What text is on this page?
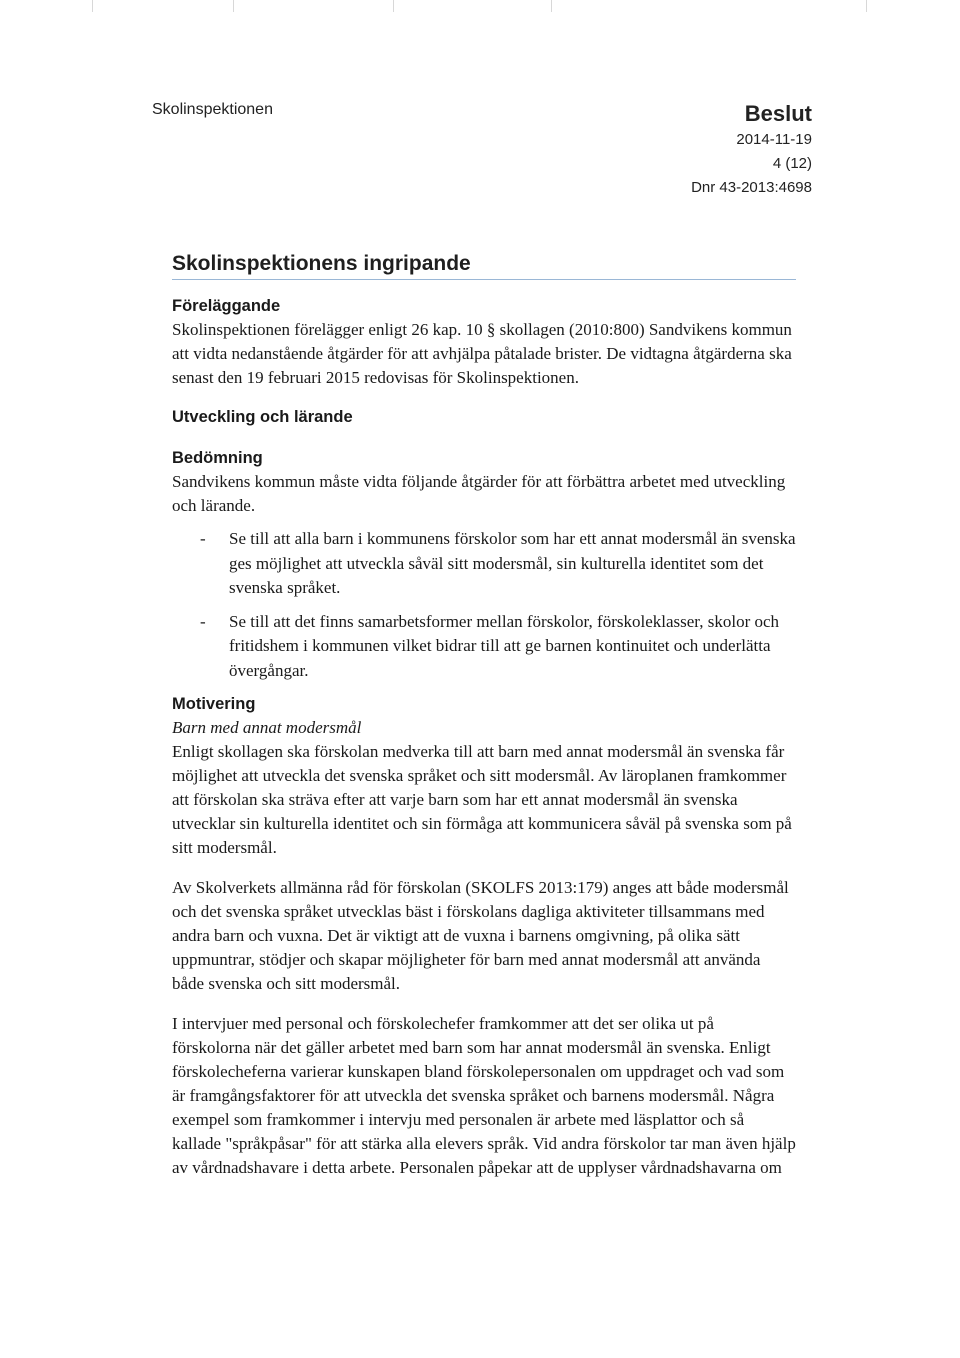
Skolinspektionen	Beslut
2014-11-19
4 (12)
Dnr 43-2013:4698
Skolinspektionens ingripande
Föreläggande

Skolinspektionen förelägger enligt 26 kap. 10 § skollagen (2010:800) Sandvikens kommun att vidta nedanstående åtgärder för att avhjälpa påtalade brister. De vidtagna åtgärderna ska senast den 19 februari 2015 redovisas för Skolinspektionen.

Utveckling och lärande
Bedömning

Sandvikens kommun måste vidta följande åtgärder för att förbättra arbetet med utveckling och lärande.

- Se till att alla barn i kommunens förskolor som har ett annat modersmål än svenska ges möjlighet att utveckla såväl sitt modersmål, sin kulturella identitet som det svenska språket.
- Se till att det finns samarbetsformer mellan förskolor, förskoleklasser, skolor och fritidshem i kommunen vilket bidrar till att ge barnen kontinuitet och underlätta övergångar.
Motivering

Barn med annat modersmål

Enligt skollagen ska förskolan medverka till att barn med annat modersmål än svenska får möjlighet att utveckla det svenska språket och sitt modersmål. Av läroplanen framkommer att förskolan ska sträva efter att varje barn som har ett annat modersmål än svenska utvecklar sin kulturella identitet och sin förmåga att kommunicera såväl på svenska som på sitt modersmål.

Av Skolverkets allmänna råd för förskolan (SKOLFS 2013:179) anges att både modersmål och det svenska språket utvecklas bäst i förskolans dagliga aktiviteter tillsammans med andra barn och vuxna. Det är viktigt att de vuxna i barnens omgivning, på olika sätt uppmuntrar, stödjer och skapar möjligheter för barn med annat modersmål att använda både svenska och sitt modersmål.

I intervjuer med personal och förskolechefer framkommer att det ser olika ut på förskolorna när det gäller arbetet med barn som har annat modersmål än svenska. Enligt förskolecheferna varierar kunskapen bland förskolepersonalen om uppdraget och vad som är framgångsfaktorer för att utveckla det svenska språket och barnens modersmål. Några exempel som framkommer i intervju med personalen är arbete med läsplattor och så kallade "språkpåsar" för att stärka alla elevers språk. Vid andra förskolor tar man även hjälp av vårdnadshavare i detta arbete. Personalen påpekar att de upplyser vårdnadshavarna om
